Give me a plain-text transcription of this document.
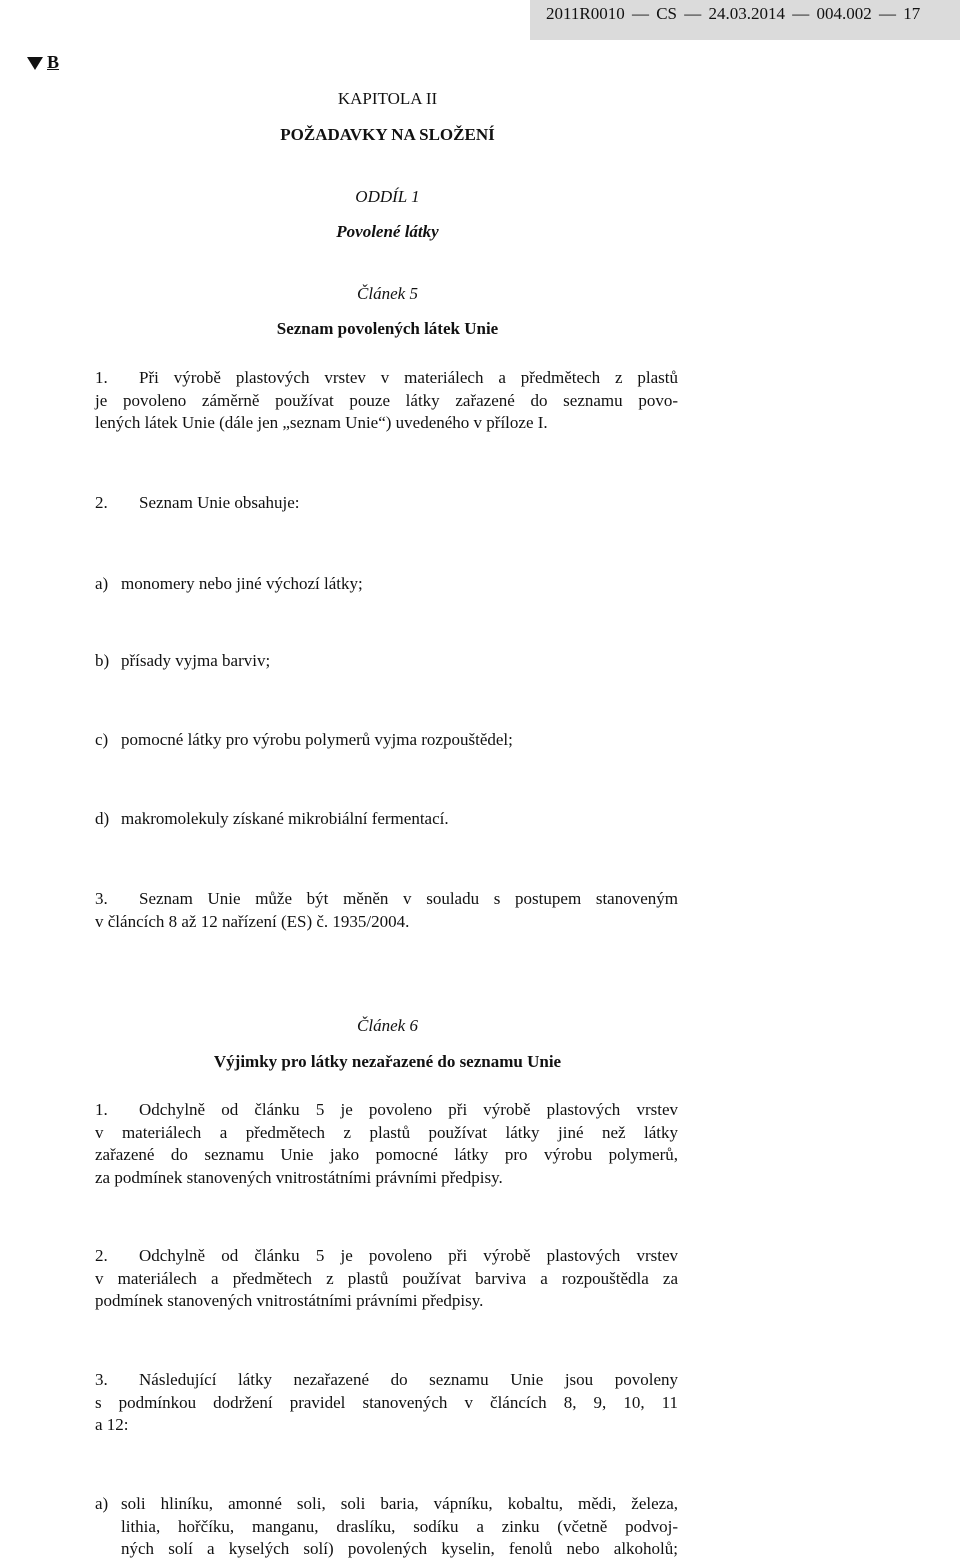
2011R0010 — CS — 24.03.2014 — 004.002 — 17
B
KAPITOLA II
POŽADAVKY NA SLOŽENÍ
ODDÍL 1
Povolené látky
Článek 5
Seznam povolených látek Unie
1. Při výrobě plastových vrstev v materiálech a předmětech z plastů
je povoleno záměrně používat pouze látky zařazené do seznamu povo-
lených látek Unie (dále jen „seznam Unie“) uvedeného v příloze I.
2. Seznam Unie obsahuje:
a) monomery nebo jiné výchozí látky;
b) přísady vyjma barviv;
c) pomocné látky pro výrobu polymerů vyjma rozpouštědel;
d) makromolekuly získané mikrobiální fermentací.
3. Seznam Unie může být měněn v souladu s postupem stanoveným
v článcích 8 až 12 nařízení (ES) č. 1935/2004.
Článek 6
Výjimky pro látky nezařazené do seznamu Unie
1. Odchylně od článku 5 je povoleno při výrobě plastových vrstev
v materiálech a předmětech z plastů používat látky jiné než látky
zařazené do seznamu Unie jako pomocné látky pro výrobu polymerů,
za podmínek stanovených vnitrostátními právními předpisy.
2. Odchylně od článku 5 je povoleno při výrobě plastových vrstev
v materiálech a předmětech z plastů používat barviva a rozpouštědla za
podmínek stanovených vnitrostátními právními předpisy.
3. Následující látky nezařazené do seznamu Unie jsou povoleny
s podmínkou dodržení pravidel stanovených v článcích 8, 9, 10, 11
a 12:
a) soli hliníku, amonné soli, soli baria, vápníku, kobaltu, mědi, železa,
lithia, hořčíku, manganu, draslíku, sodíku a zinku (včetně podvoj-
ných solí a kyselých solí) povolených kyselin, fenolů nebo alkoholů;
